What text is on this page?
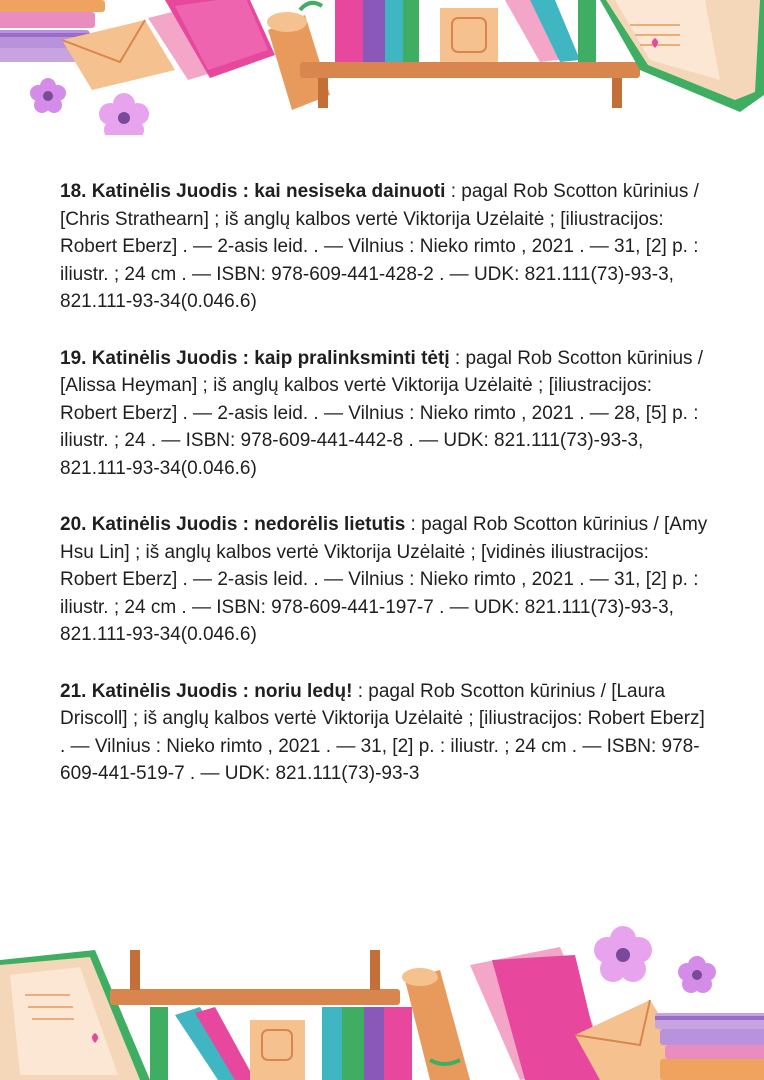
18. Katinėlis Juodis : kai nesiseka dainuoti : pagal Rob Scotton kūrinius / [Chris Strathearn] ; iš anglų kalbos vertė Viktorija Uzėlaitė ; [iliustracijos: Robert Eberz] . — 2-asis leid. . — Vilnius : Nieko rimto , 2021 . — 31, [2] p. : iliustr. ; 24 cm . — ISBN: 978-609-441-428-2 . — UDK: 821.111(73)-93-3, 821.111-93-34(0.046.6)

19. Katinėlis Juodis : kaip pralinksminti tėtį : pagal Rob Scotton kūrinius / [Alissa Heyman] ; iš anglų kalbos vertė Viktorija Uzėlaitė ; [iliustracijos: Robert Eberz] . — 2-asis leid. . — Vilnius : Nieko rimto , 2021 . — 28, [5] p. : iliustr. ; 24 . — ISBN: 978-609-441-442-8 . — UDK: 821.111(73)-93-3, 821.111-93-34(0.046.6)

20. Katinėlis Juodis : nedorėlis lietutis : pagal Rob Scotton kūrinius / [Amy Hsu Lin] ; iš anglų kalbos vertė Viktorija Uzėlaitė ; [vidinės iliustracijos: Robert Eberz] . — 2-asis leid. . — Vilnius : Nieko rimto , 2021 . — 31, [2] p. : iliustr. ; 24 cm . — ISBN: 978-609-441-197-7 . — UDK: 821.111(73)-93-3, 821.111-93-34(0.046.6)

21. Katinėlis Juodis : noriu ledų! : pagal Rob Scotton kūrinius / [Laura Driscoll] ; iš anglų kalbos vertė Viktorija Uzėlaitė ; [iliustracijos: Robert Eberz] . — Vilnius : Nieko rimto , 2021 . — 31, [2] p. : iliustr. ; 24 cm . — ISBN: 978-609-441-519-7 . — UDK: 821.111(73)-93-3
